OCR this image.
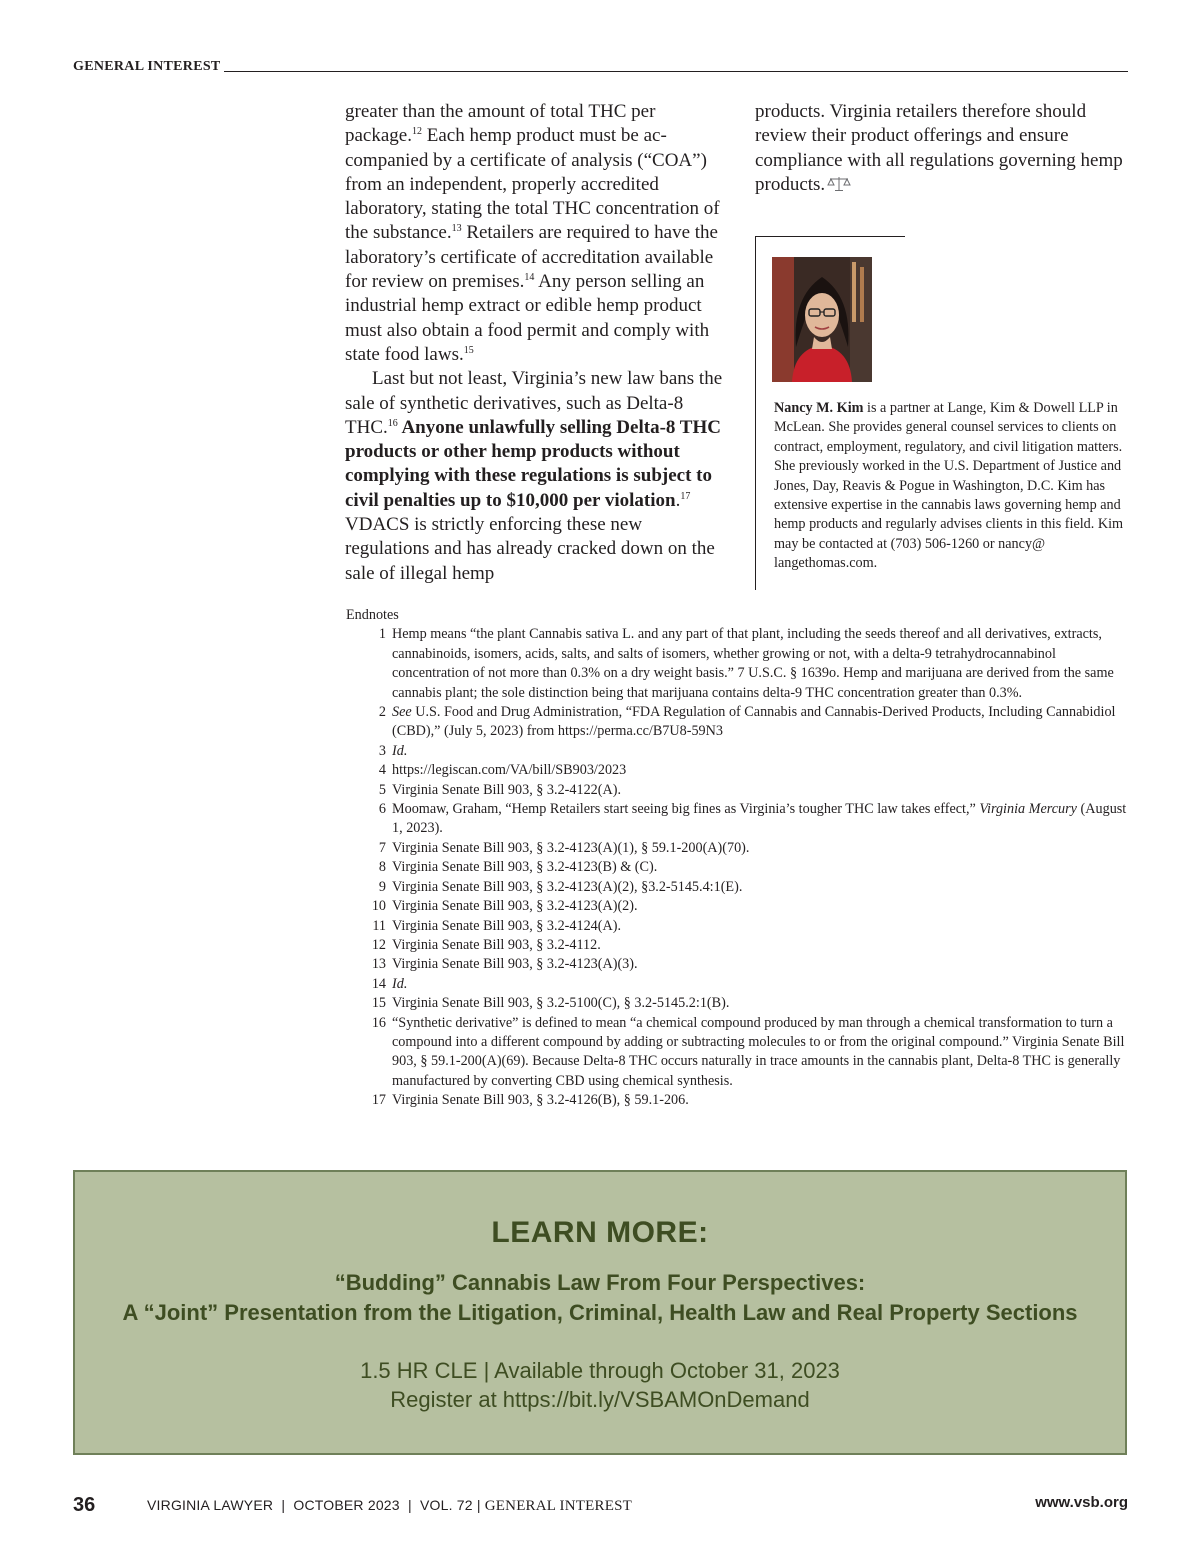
GENERAL INTEREST

greater than the amount of total THC per package.$^{12}$ Each hemp product must be accompanied by a certificate of analysis (“COA”) from an independent, properly accredited laboratory, stating the total THC concentration of the substance.$^{13}$ Retailers are required to have the laboratory’s certificate of accreditation available for review on premises.$^{14}$ Any person selling an industrial hemp extract or edible hemp product must also obtain a food permit and comply with state food laws.$^{15}$

Last but not least, Virginia’s new law bans the sale of synthetic derivatives, such as Delta-8 THC.$^{16}$ Anyone unlawfully selling Delta-8 THC products or other hemp products without complying with these regulations is subject to civil penalties up to $10,000 per violation.$^{17}$ VDACS is strictly enforcing these new regulations and has already cracked down on the sale of illegal hemp

products. Virginia retailers therefore should review their product offerings and ensure compliance with all regulations governing hemp products.

Nancy M. Kim is a partner at Lange, Kim & Dowell LLP in McLean. She provides general counsel services to clients on contract, employment, regulatory, and civil litigation matters. She previously worked in the U.S. Department of Justice and Jones, Day, Reavis & Pogue in Washington, D.C. Kim has extensive expertise in the cannabis laws governing hemp and hemp products and regularly advises clients in this field. Kim may be contacted at (703) 506-1260 or nancy@​langethomas.com.

Endnotes

1 Hemp means “the plant Cannabis sativa L. and any part of that plant, including the seeds thereof and all derivatives, extracts, cannabinoids, isomers, acids, salts, and salts of isomers, whether growing or not, with a delta-9 tetrahydrocannabinol concentration of not more than 0.3% on a dry weight basis.” 7 U.S.C. § 1639o. Hemp and marijuana are derived from the same cannabis plant; the sole distinction being that marijuana contains delta-9 THC concentration greater than 0.3%.
2 See U.S. Food and Drug Administration, “FDA Regulation of Cannabis and Cannabis-Derived Products, Including Cannabidiol (CBD),” (July 5, 2023) from https://perma.cc/B7U8-59N3
3 Id.
4 https://legiscan.com/VA/bill/SB903/2023
5 Virginia Senate Bill 903, § 3.2-4122(A).
6 Moomaw, Graham, “Hemp Retailers start seeing big fines as Virginia’s tougher THC law takes effect,” Virginia Mercury (August 1, 2023).
7 Virginia Senate Bill 903, § 3.2-4123(A)(1), § 59.1-200(A)(70).
8 Virginia Senate Bill 903, § 3.2-4123(B) & (C).
9 Virginia Senate Bill 903, § 3.2-4123(A)(2), §3.2-5145.4:1(E).
10 Virginia Senate Bill 903, § 3.2-4123(A)(2).
11 Virginia Senate Bill 903, § 3.2-4124(A).
12 Virginia Senate Bill 903, § 3.2-4112.
13 Virginia Senate Bill 903, § 3.2-4123(A)(3).
14 Id.
15 Virginia Senate Bill 903, § 3.2-5100(C), § 3.2-5145.2:1(B).
16 “Synthetic derivative” is defined to mean “a chemical compound produced by man through a chemical transformation to turn a compound into a different compound by adding or subtracting molecules to or from the original compound.” Virginia Senate Bill 903, § 59.1-200(A)(69). Because Delta-8 THC occurs naturally in trace amounts in the cannabis plant, Delta-8 THC is generally manufactured by converting CBD using chemical synthesis.
17 Virginia Senate Bill 903, § 3.2-4126(B), § 59.1-206.
LEARN MORE:
“Budding” Cannabis Law From Four Perspectives:
A “Joint” Presentation from the Litigation, Criminal, Health Law and Real Property Sections
1.5 HR CLE | Available through October 31, 2023
Register at https://bit.ly/VSBAMOnDemand
36	VIRGINIA LAWYER  |  OCTOBER 2023  |  VOL. 72 | GENERAL INTEREST	www.vsb.org
